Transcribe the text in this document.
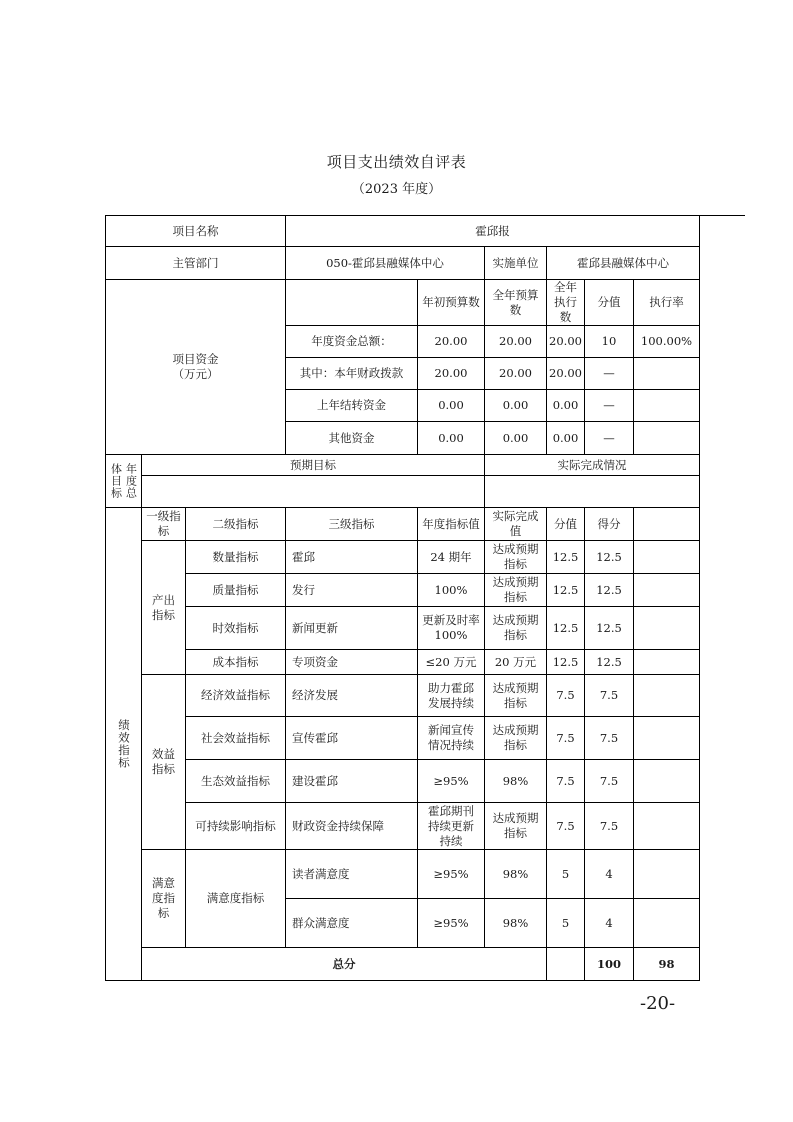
项目支出绩效自评表
（2023 年度）
项目名称			霍邱报						
主管部门			050-霍邱县融媒体中心		实施单位	霍邱县融媒体中心			
项目资金
（万元）				年初预算数	全年预算数	全年执行数	分值	执行率	
			年度资金总额：	20.00	20.00	20.00	10	100.00%	
			其中：本年财政拨款	20.00	20.00	20.00	—		
			上年结转资金	0.00	0.00	0.00	—		
			其他资金	0.00	0.00	0.00	—		

年度总体目标	预期目标				实际完成情况				

绩效指标	一级指标	二级指标	三级指标	年度指标值	实际完成值	分值	得分		
	产出指标	数量指标	霍邱	24 期年	达成预期指标	12.5	12.5		
		质量指标	发行	100%	达成预期指标	12.5	12.5		
		时效指标	新闻更新	更新及时率 100%	达成预期指标	12.5	12.5		
		成本指标	专项资金	≤20 万元	20 万元	12.5	12.5		
	效益指标	经济效益指标	经济发展	助力霍邱发展持续	达成预期指标	7.5	7.5		
		社会效益指标	宣传霍邱	新闻宣传情况持续	达成预期指标	7.5	7.5		
		生态效益指标	建设霍邱	≥95%	98%	7.5	7.5		
		可持续影响指标	财政资金持续保障	霍邱期刊持续更新持续	达成预期指标	7.5	7.5		
	满意度指标	满意度指标	读者满意度	≥95%	98%	5	4		
			群众满意度	≥95%	98%	5	4		
	总分						100	98	
-20-
